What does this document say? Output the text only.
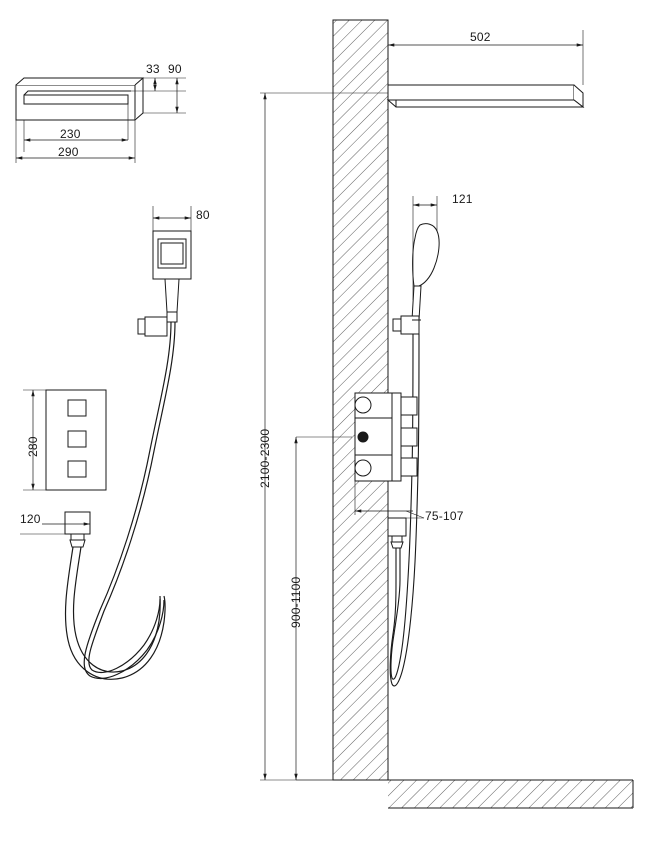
33 90
230
290
80
280
120
502
121
2100-2300
900-1100
75-107
